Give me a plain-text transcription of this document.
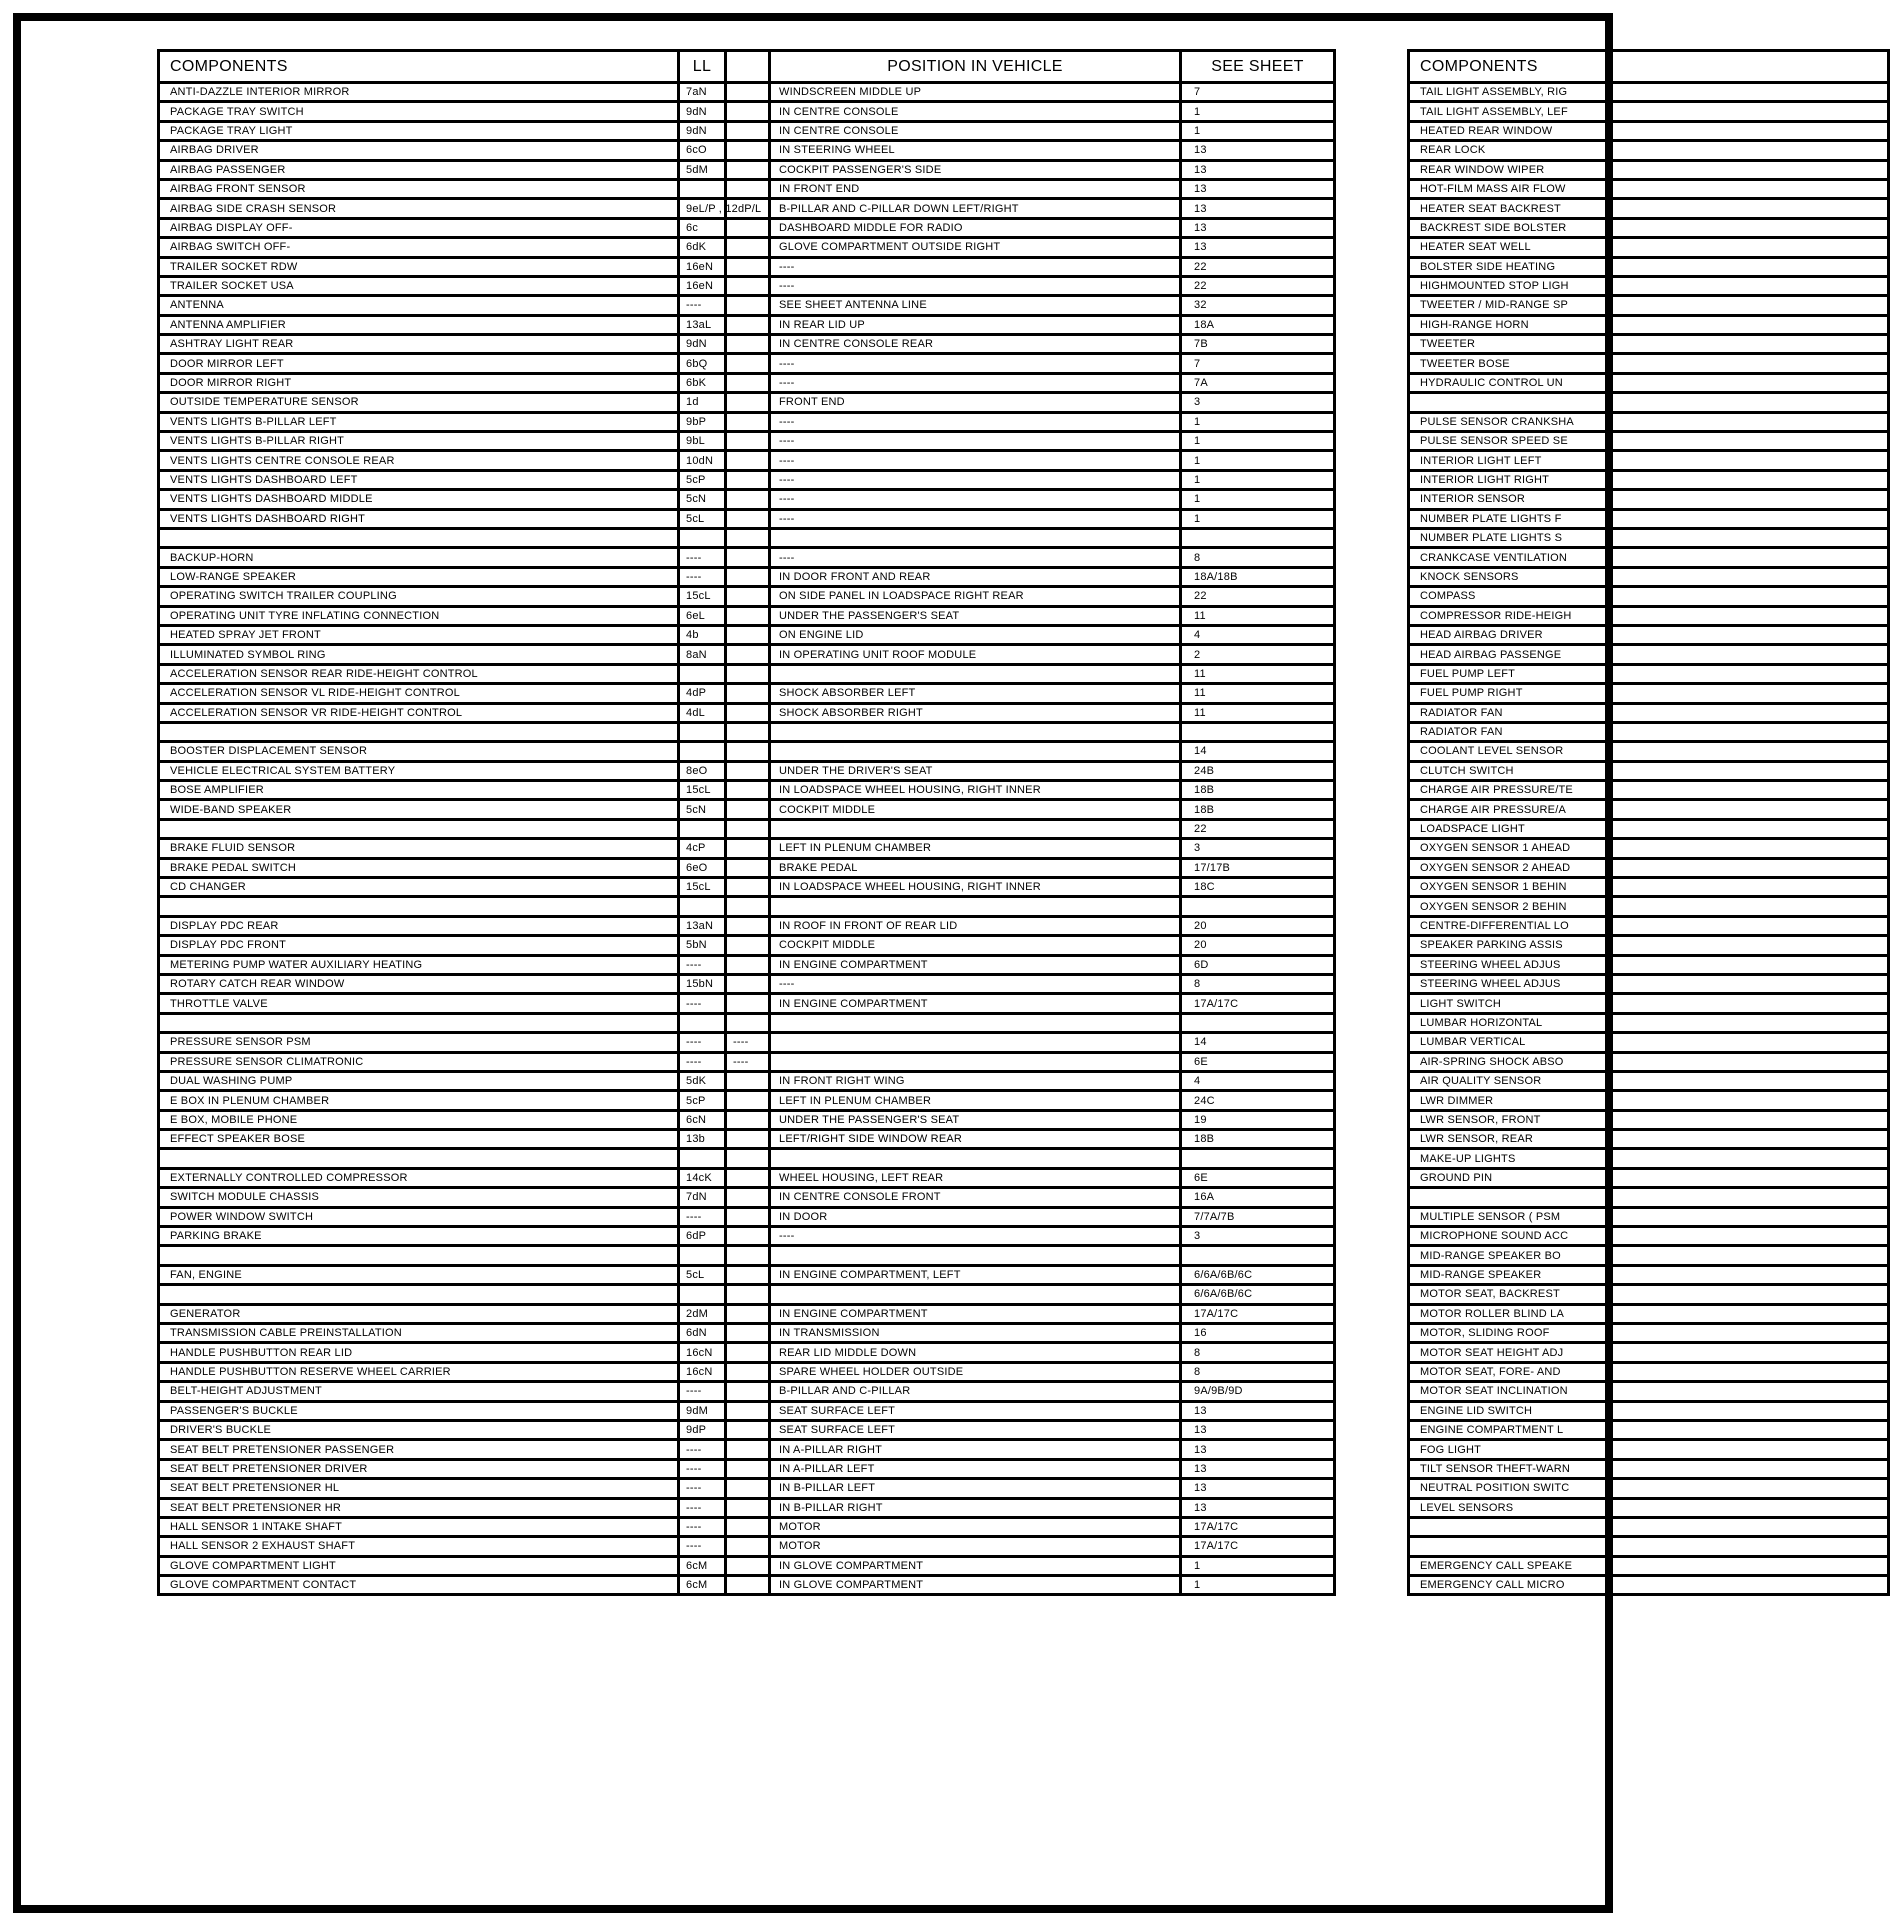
COMPONENTS	LL		POSITION IN VEHICLE	SEE SHEET
ANTI-DAZZLE INTERIOR MIRROR	7aN		WINDSCREEN MIDDLE UP	7
PACKAGE TRAY SWITCH	9dN		IN CENTRE CONSOLE	1
PACKAGE TRAY LIGHT	9dN		IN CENTRE CONSOLE	1
AIRBAG DRIVER	6cO		IN STEERING WHEEL	13
AIRBAG PASSENGER	5dM		COCKPIT PASSENGER'S SIDE	13
AIRBAG FRONT SENSOR			IN FRONT END	13
AIRBAG SIDE CRASH SENSOR	9eL/P , 12dP/L		B-PILLAR AND C-PILLAR DOWN LEFT/RIGHT	13
AIRBAG DISPLAY OFF-	6c		DASHBOARD MIDDLE FOR RADIO	13
AIRBAG SWITCH OFF-	6dK		GLOVE COMPARTMENT OUTSIDE RIGHT	13
TRAILER SOCKET RDW	16eN		----	22
TRAILER SOCKET USA	16eN		----	22
ANTENNA	----		SEE SHEET ANTENNA LINE	32
ANTENNA AMPLIFIER	13aL		IN REAR LID UP	18A
ASHTRAY LIGHT REAR	9dN		IN CENTRE CONSOLE REAR	7B
DOOR MIRROR LEFT	6bQ		----	7
DOOR MIRROR RIGHT	6bK		----	7A
OUTSIDE TEMPERATURE SENSOR	1d		FRONT END	3
VENTS LIGHTS B-PILLAR LEFT	9bP		----	1
VENTS LIGHTS B-PILLAR RIGHT	9bL		----	1
VENTS LIGHTS CENTRE CONSOLE REAR	10dN		----	1
VENTS LIGHTS DASHBOARD LEFT	5cP		----	1
VENTS LIGHTS DASHBOARD MIDDLE	5cN		----	1
VENTS LIGHTS DASHBOARD RIGHT	5cL		----	1

BACKUP-HORN	----		----	8
LOW-RANGE SPEAKER	----		IN DOOR FRONT AND REAR	18A/18B
OPERATING SWITCH TRAILER COUPLING	15cL		ON SIDE PANEL IN LOADSPACE RIGHT REAR	22
OPERATING UNIT TYRE INFLATING CONNECTION	6eL		UNDER THE PASSENGER'S SEAT	11
HEATED SPRAY JET FRONT	4b		ON ENGINE LID	4
ILLUMINATED SYMBOL RING	8aN		IN OPERATING UNIT ROOF MODULE	2
ACCELERATION SENSOR REAR RIDE-HEIGHT CONTROL				11
ACCELERATION SENSOR VL RIDE-HEIGHT CONTROL	4dP		SHOCK ABSORBER LEFT	11
ACCELERATION SENSOR VR RIDE-HEIGHT CONTROL	4dL		SHOCK ABSORBER RIGHT	11

BOOSTER DISPLACEMENT SENSOR				14
VEHICLE ELECTRICAL SYSTEM BATTERY	8eO		UNDER THE DRIVER'S SEAT	24B
BOSE AMPLIFIER	15cL		IN LOADSPACE WHEEL HOUSING, RIGHT INNER	18B
WIDE-BAND SPEAKER	5cN		COCKPIT MIDDLE	18B
				22
BRAKE FLUID SENSOR	4cP		LEFT IN PLENUM CHAMBER	3
BRAKE PEDAL SWITCH	6eO		BRAKE PEDAL	17/17B
CD CHANGER	15cL		IN LOADSPACE WHEEL HOUSING, RIGHT INNER	18C

DISPLAY PDC REAR	13aN		IN ROOF IN FRONT OF REAR LID	20
DISPLAY PDC FRONT	5bN		COCKPIT MIDDLE	20
METERING PUMP WATER AUXILIARY HEATING	----		IN ENGINE COMPARTMENT	6D
ROTARY CATCH REAR WINDOW	15bN		----	8
THROTTLE VALVE	----		IN ENGINE COMPARTMENT	17A/17C

PRESSURE SENSOR PSM	----	----		14
PRESSURE SENSOR CLIMATRONIC	----	----		6E
DUAL WASHING PUMP	5dK		IN FRONT RIGHT WING	4
E BOX IN PLENUM CHAMBER	5cP		LEFT IN PLENUM CHAMBER	24C
E BOX, MOBILE PHONE	6cN		UNDER THE PASSENGER'S SEAT	19
EFFECT SPEAKER BOSE	13b		LEFT/RIGHT SIDE WINDOW REAR	18B

EXTERNALLY CONTROLLED COMPRESSOR	14cK		WHEEL HOUSING, LEFT REAR	6E
SWITCH MODULE CHASSIS	7dN		IN CENTRE CONSOLE FRONT	16A
POWER WINDOW SWITCH	----		IN DOOR	7/7A/7B
PARKING BRAKE	6dP		----	3

FAN, ENGINE	5cL		IN ENGINE COMPARTMENT, LEFT	6/6A/6B/6C
				6/6A/6B/6C
GENERATOR	2dM		IN ENGINE COMPARTMENT	17A/17C
TRANSMISSION CABLE PREINSTALLATION	6dN		IN TRANSMISSION	16
HANDLE PUSHBUTTON REAR LID	16cN		REAR LID MIDDLE DOWN	8
HANDLE PUSHBUTTON RESERVE WHEEL CARRIER	16cN		SPARE WHEEL HOLDER OUTSIDE	8
BELT-HEIGHT ADJUSTMENT	----		B-PILLAR AND C-PILLAR	9A/9B/9D
PASSENGER'S BUCKLE	9dM		SEAT SURFACE LEFT	13
DRIVER'S BUCKLE	9dP		SEAT SURFACE LEFT	13
SEAT BELT PRETENSIONER PASSENGER	----		IN A-PILLAR RIGHT	13
SEAT BELT PRETENSIONER DRIVER	----		IN A-PILLAR LEFT	13
SEAT BELT PRETENSIONER HL	----		IN B-PILLAR LEFT	13
SEAT BELT PRETENSIONER HR	----		IN B-PILLAR RIGHT	13
HALL SENSOR 1 INTAKE SHAFT	----		MOTOR	17A/17C
HALL SENSOR 2 EXHAUST SHAFT	----		MOTOR	17A/17C
GLOVE COMPARTMENT LIGHT	6cM		IN GLOVE COMPARTMENT	1
GLOVE COMPARTMENT CONTACT	6cM		IN GLOVE COMPARTMENT	1
COMPONENTS
TAIL LIGHT ASSEMBLY, RIG
TAIL LIGHT ASSEMBLY, LEF
HEATED REAR WINDOW
REAR LOCK
REAR WINDOW WIPER
HOT-FILM MASS AIR FLOW
HEATER SEAT BACKREST
BACKREST SIDE BOLSTER
HEATER SEAT WELL
BOLSTER SIDE HEATING
HIGHMOUNTED STOP LIGH
TWEETER / MID-RANGE SP
HIGH-RANGE HORN
TWEETER
TWEETER BOSE
HYDRAULIC CONTROL UN

PULSE SENSOR CRANKSHA
PULSE SENSOR SPEED SE
INTERIOR LIGHT LEFT
INTERIOR LIGHT RIGHT
INTERIOR SENSOR
NUMBER PLATE LIGHTS F
NUMBER PLATE LIGHTS S
CRANKCASE VENTILATION
KNOCK SENSORS
COMPASS
COMPRESSOR RIDE-HEIGH
HEAD AIRBAG DRIVER
HEAD AIRBAG PASSENGE
FUEL PUMP LEFT
FUEL PUMP RIGHT
RADIATOR FAN
RADIATOR FAN
COOLANT LEVEL SENSOR
CLUTCH SWITCH
CHARGE AIR PRESSURE/TE
CHARGE AIR PRESSURE/A
LOADSPACE LIGHT
OXYGEN SENSOR 1 AHEAD
OXYGEN SENSOR 2 AHEAD
OXYGEN SENSOR 1 BEHIN
OXYGEN SENSOR 2 BEHIN
CENTRE-DIFFERENTIAL LO
SPEAKER PARKING ASSIS
STEERING WHEEL ADJUS
STEERING WHEEL ADJUS
LIGHT SWITCH
LUMBAR HORIZONTAL
LUMBAR VERTICAL
AIR-SPRING SHOCK ABSO
AIR QUALITY SENSOR
LWR DIMMER
LWR SENSOR, FRONT
LWR SENSOR, REAR
MAKE-UP LIGHTS
GROUND PIN

MULTIPLE SENSOR ( PSM
MICROPHONE SOUND ACC
MID-RANGE SPEAKER BO
MID-RANGE SPEAKER
MOTOR SEAT, BACKREST
MOTOR ROLLER BLIND LA
MOTOR, SLIDING ROOF
MOTOR SEAT HEIGHT ADJ
MOTOR SEAT, FORE- AND
MOTOR SEAT INCLINATION
ENGINE LID SWITCH
ENGINE COMPARTMENT L
FOG LIGHT
TILT SENSOR THEFT-WARN
NEUTRAL POSITION SWITC
LEVEL SENSORS

EMERGENCY CALL SPEAKE
EMERGENCY CALL MICRO
